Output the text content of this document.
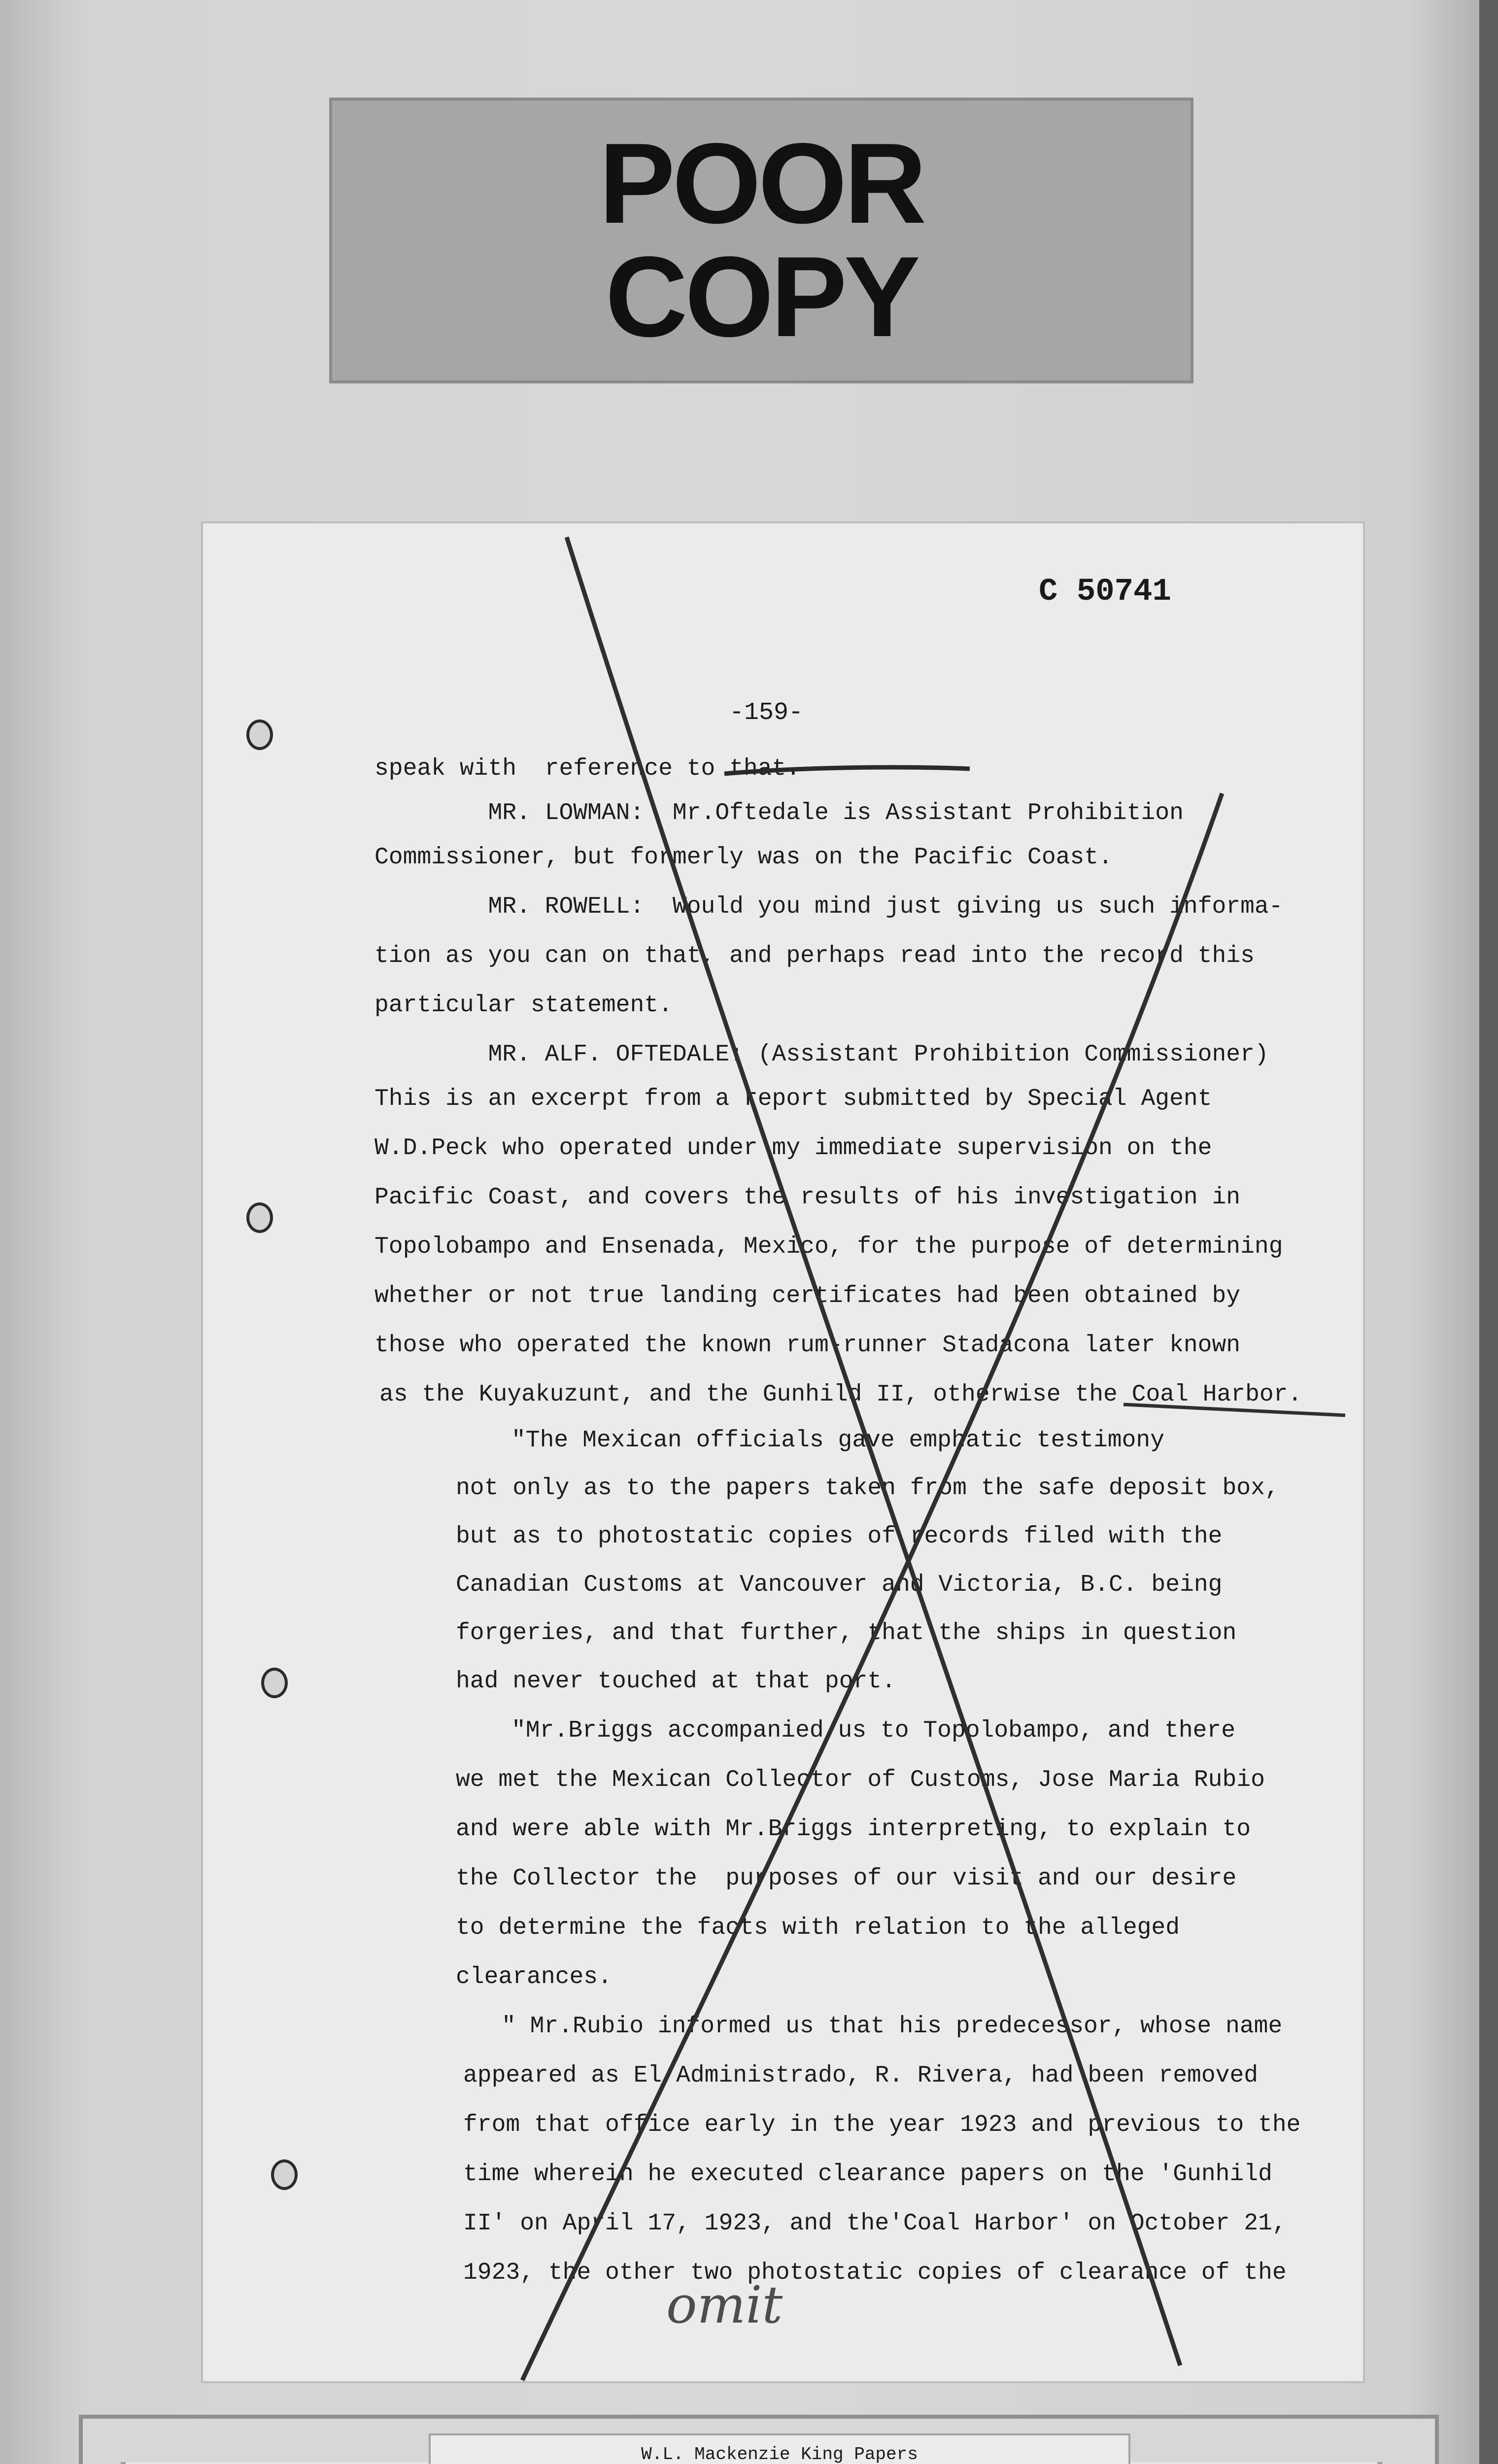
POOR
COPY
C 50741
-159-
speak with  reference to that.
MR. LOWMAN:  Mr.Oftedale is Assistant Prohibition
Commissioner, but formerly was on the Pacific Coast.
MR. ROWELL:  Would you mind just giving us such informa-
tion as you can on that, and perhaps read into the record this
particular statement.
MR. ALF. OFTEDALE: (Assistant Prohibition Commissioner)
This is an excerpt from a report submitted by Special Agent
W.D.Peck who operated under my immediate supervision on the
Pacific Coast, and covers the results of his investigation in
Topolobampo and Ensenada, Mexico, for the purpose of determining
whether or not true landing certificates had been obtained by
those who operated the known rum-runner Stadacona later known
as the Kuyakuzunt, and the Gunhild II, otherwise the Coal Harbor.
"The Mexican officials gave emphatic testimony
not only as to the papers taken from the safe deposit box,
but as to photostatic copies of records filed with the
Canadian Customs at Vancouver and Victoria, B.C. being
forgeries, and that further, that the ships in question
had never touched at that port.
"Mr.Briggs accompanied us to Topolobampo, and there
we met the Mexican Collector of Customs, Jose Maria Rubio
and were able with Mr.Briggs interpreting, to explain to
the Collector the  purposes of our visit and our desire
to determine the facts with relation to the alleged
clearances.
" Mr.Rubio informed us that his predecessor, whose name
appeared as El Administrado, R. Rivera, had been removed
from that office early in the year 1923 and previous to the
time wherein he executed clearance papers on the 'Gunhild
II' on April 17, 1923, and the'Coal Harbor' on October 21,
1923, the other two photostatic copies of clearance of the
omit
W.L. Mackenzie King Papers
